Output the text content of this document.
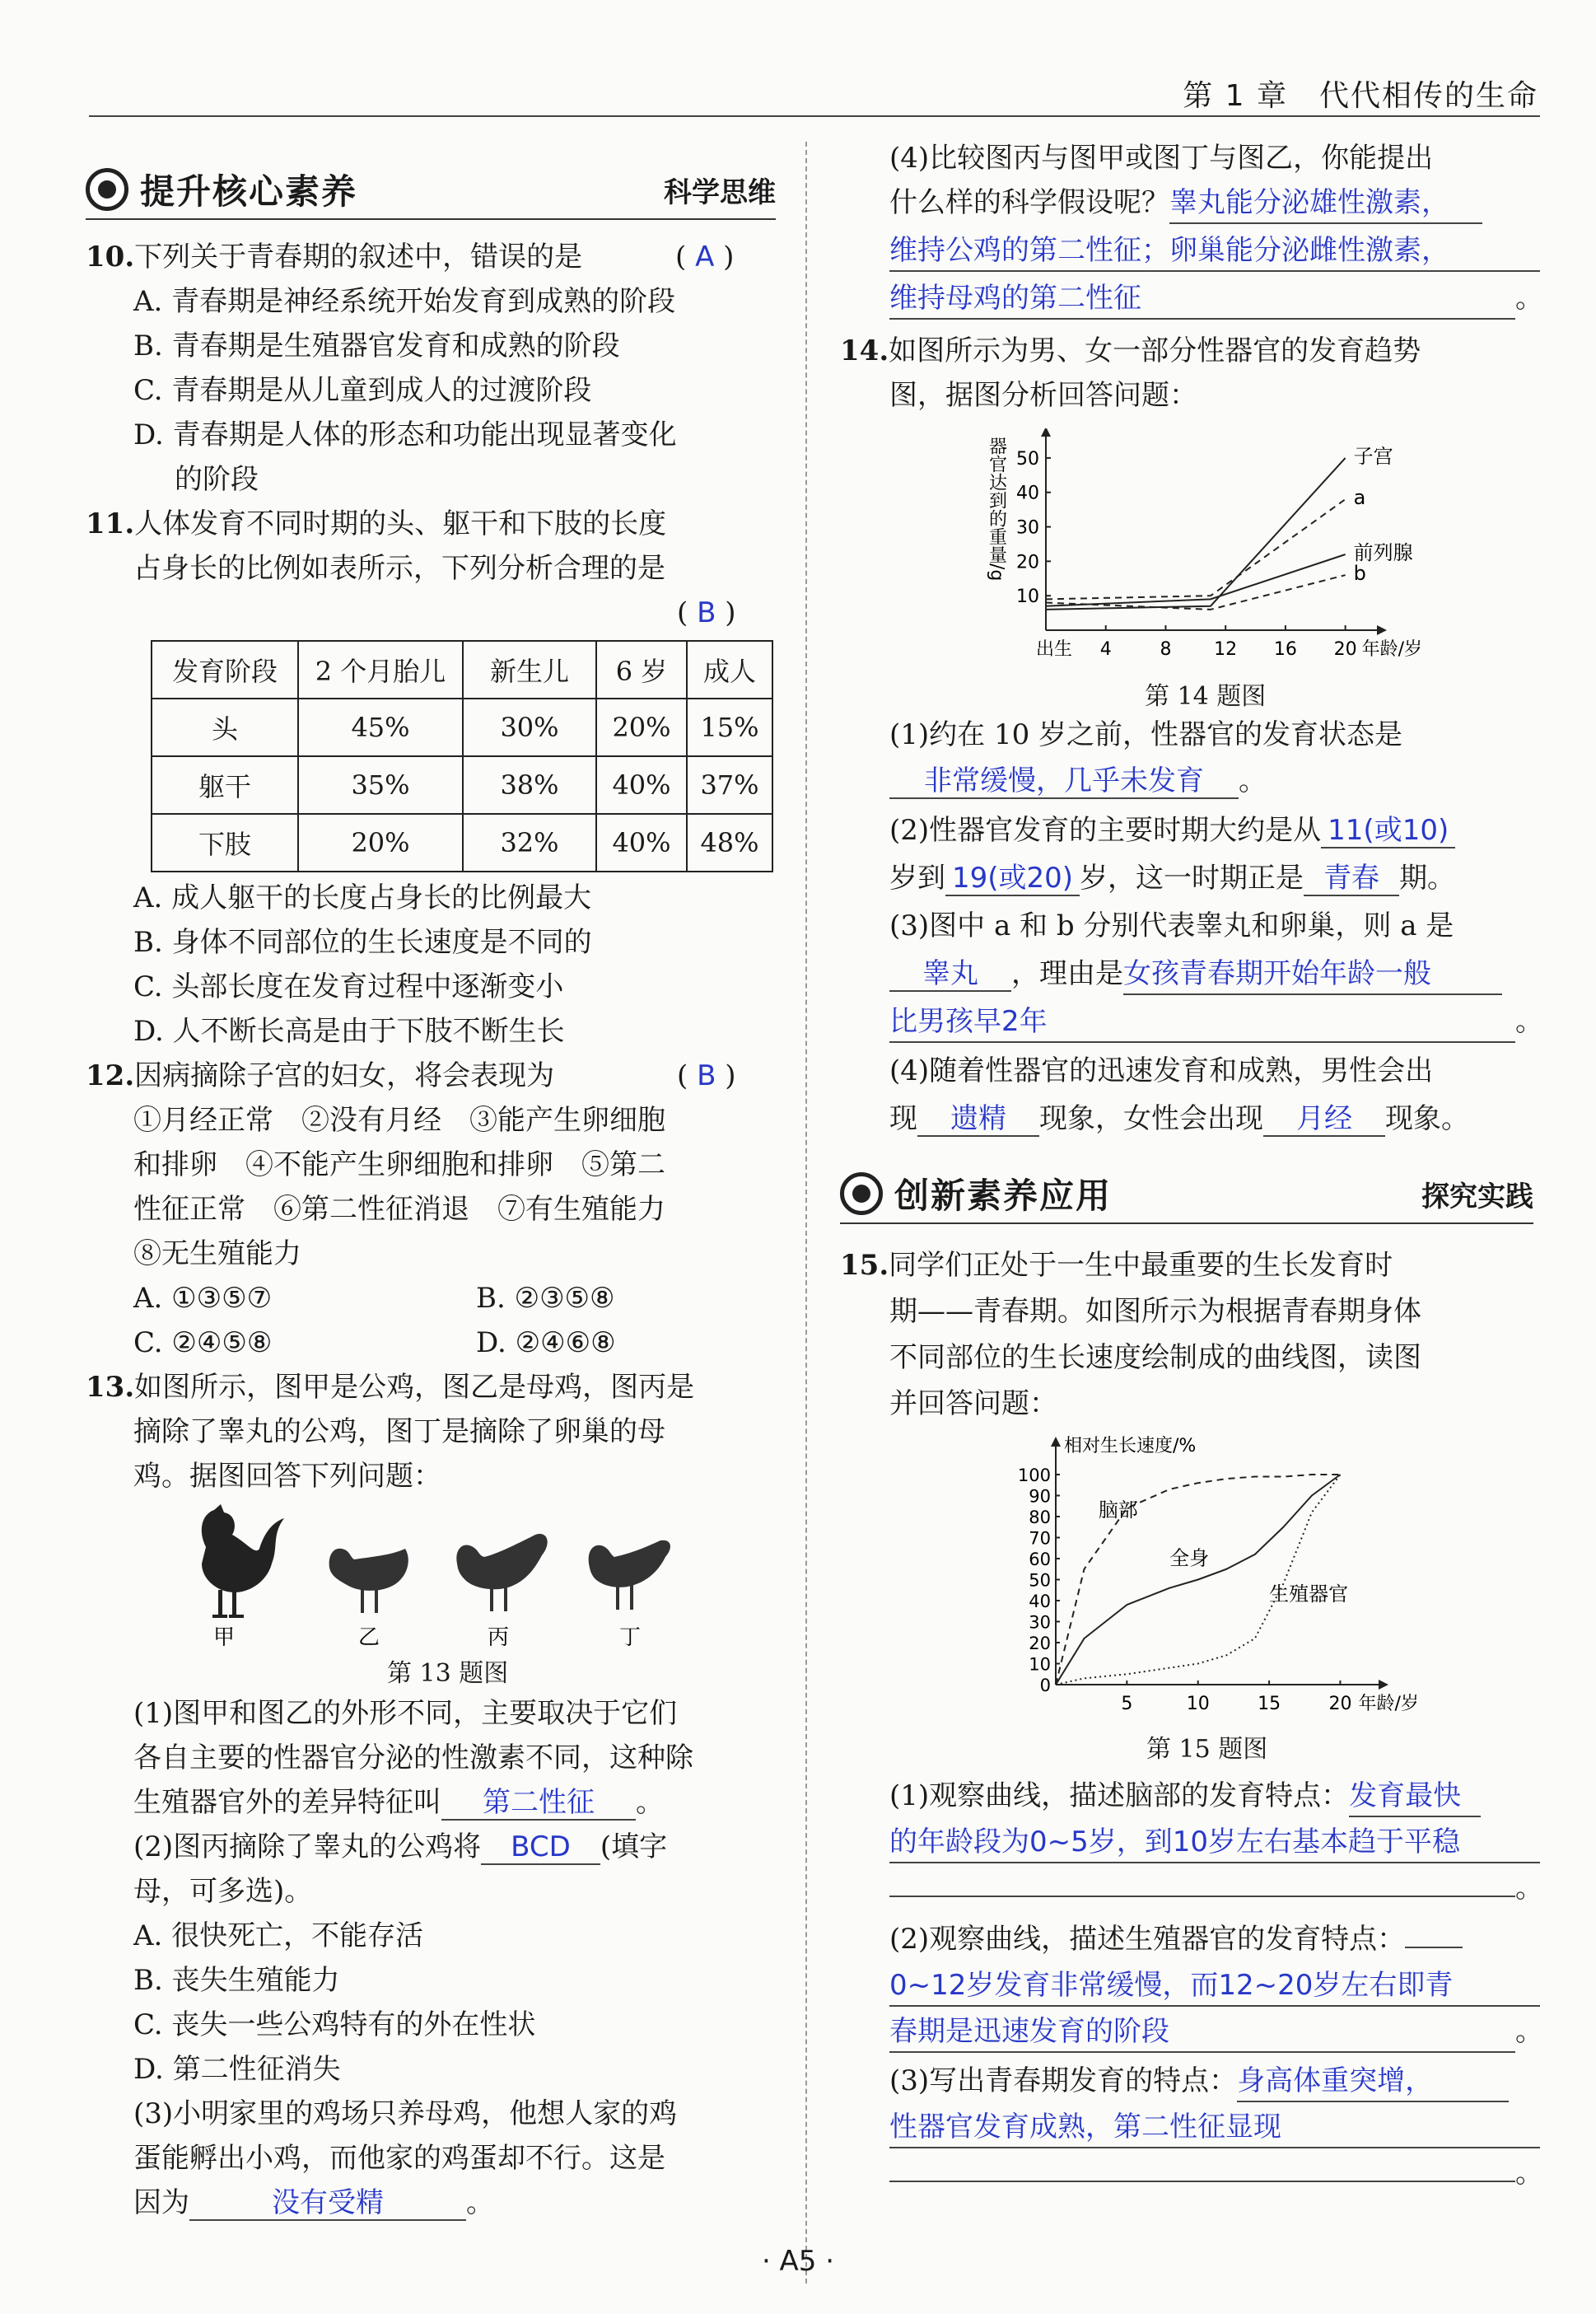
第 1 章　代代相传的生命
提升核心素养	科学思维
10.下列关于青春期的叙述中，错误的是	( A )
A. 青春期是神经系统开始发育到成熟的阶段
B. 青春期是生殖器官发育和成熟的阶段
C. 青春期是从儿童到成人的过渡阶段
D. 青春期是人体的形态和功能出现显著变化
的阶段
11.人体发育不同时期的头、躯干和下肢的长度
占身长的比例如表所示，下列分析合理的是
( B )
发育阶段	2 个月胎儿	新生儿	6 岁	成人
头	45%	30%	20%	15%
躯干	35%	38%	40%	37%
下肢	20%	32%	40%	48%
A. 成人躯干的长度占身长的比例最大
B. 身体不同部位的生长速度是不同的
C. 头部长度在发育过程中逐渐变小
D. 人不断长高是由于下肢不断生长
12.因病摘除子宫的妇女，将会表现为	( B )
①月经正常　②没有月经　③能产生卵细胞
和排卵　④不能产生卵细胞和排卵　⑤第二
性征正常　⑥第二性征消退　⑦有生殖能力
⑧无生殖能力
A. ①③⑤⑦	B. ②③⑤⑧
C. ②④⑤⑧	D. ②④⑥⑧
13.如图所示，图甲是公鸡，图乙是母鸡，图丙是
摘除了睾丸的公鸡，图丁是摘除了卵巢的母
鸡。据图回答下列问题：
甲	乙	丙	丁
第 13 题图
(1)图甲和图乙的外形不同，主要取决于它们
各自主要的性器官分泌的性激素不同，这种除
生殖器官外的差异特征叫 第二性征 。
(2)图丙摘除了睾丸的公鸡将 BCD (填字
母，可多选)。
A. 很快死亡，不能存活
B. 丧失生殖能力
C. 丧失一些公鸡特有的外在性状
D. 第二性征消失
(3)小明家里的鸡场只养母鸡，他想人家的鸡
蛋能孵出小鸡，而他家的鸡蛋却不行。这是
因为	没有受精	。
(4)比较图丙与图甲或图丁与图乙，你能提出
什么样的科学假设呢？睾丸能分泌雄性激素，
维持公鸡的第二性征；卵巢能分泌雌性激素，
维持母鸡的第二性征	。
14.如图所示为男、女一部分性器官的发育趋势
图，据图分析回答问题：
器官达到的重量/g
10
20
30
40
50
出生 4	8 12 16 20 年龄/岁
子宫
a
前列腺
b
第 14 题图
(1)约在 10 岁之前，性器官的发育状态是
非常缓慢，几乎未发育 。
(2)性器官发育的主要时期大约是从 11(或10)
岁到 19(或20) 岁，这一时期正是 青春 期。
(3)图中 a 和 b 分别代表睾丸和卵巢，则 a 是
睾丸 ，理由是女孩青春期开始年龄一般
比男孩早2年	。
(4)随着性器官的迅速发育和成熟，男性会出
现 遗精 现象，女性会出现 月经 现象。
创新素养应用	探究实践
15.同学们正处于一生中最重要的生长发育时
期——青春期。如图所示为根据青春期身体
不同部位的生长速度绘制成的曲线图，读图
并回答问题：
相对生长速度/%
10
20
30
40
50
60
70
80
90
100
0
5	10	15	20 年龄/岁
脑部
全身
生殖器官
第 15 题图
(1)观察曲线，描述脑部的发育特点：发育最快
的年龄段为0~5岁，到10岁左右基本趋于平稳
。
(2)观察曲线，描述生殖器官的发育特点：
0~12岁发育非常缓慢，而12~20岁左右即青
春期是迅速发育的阶段	。
(3)写出青春期发育的特点：身高体重突增，
性器官发育成熟，第二性征显现
。
· A5 ·
